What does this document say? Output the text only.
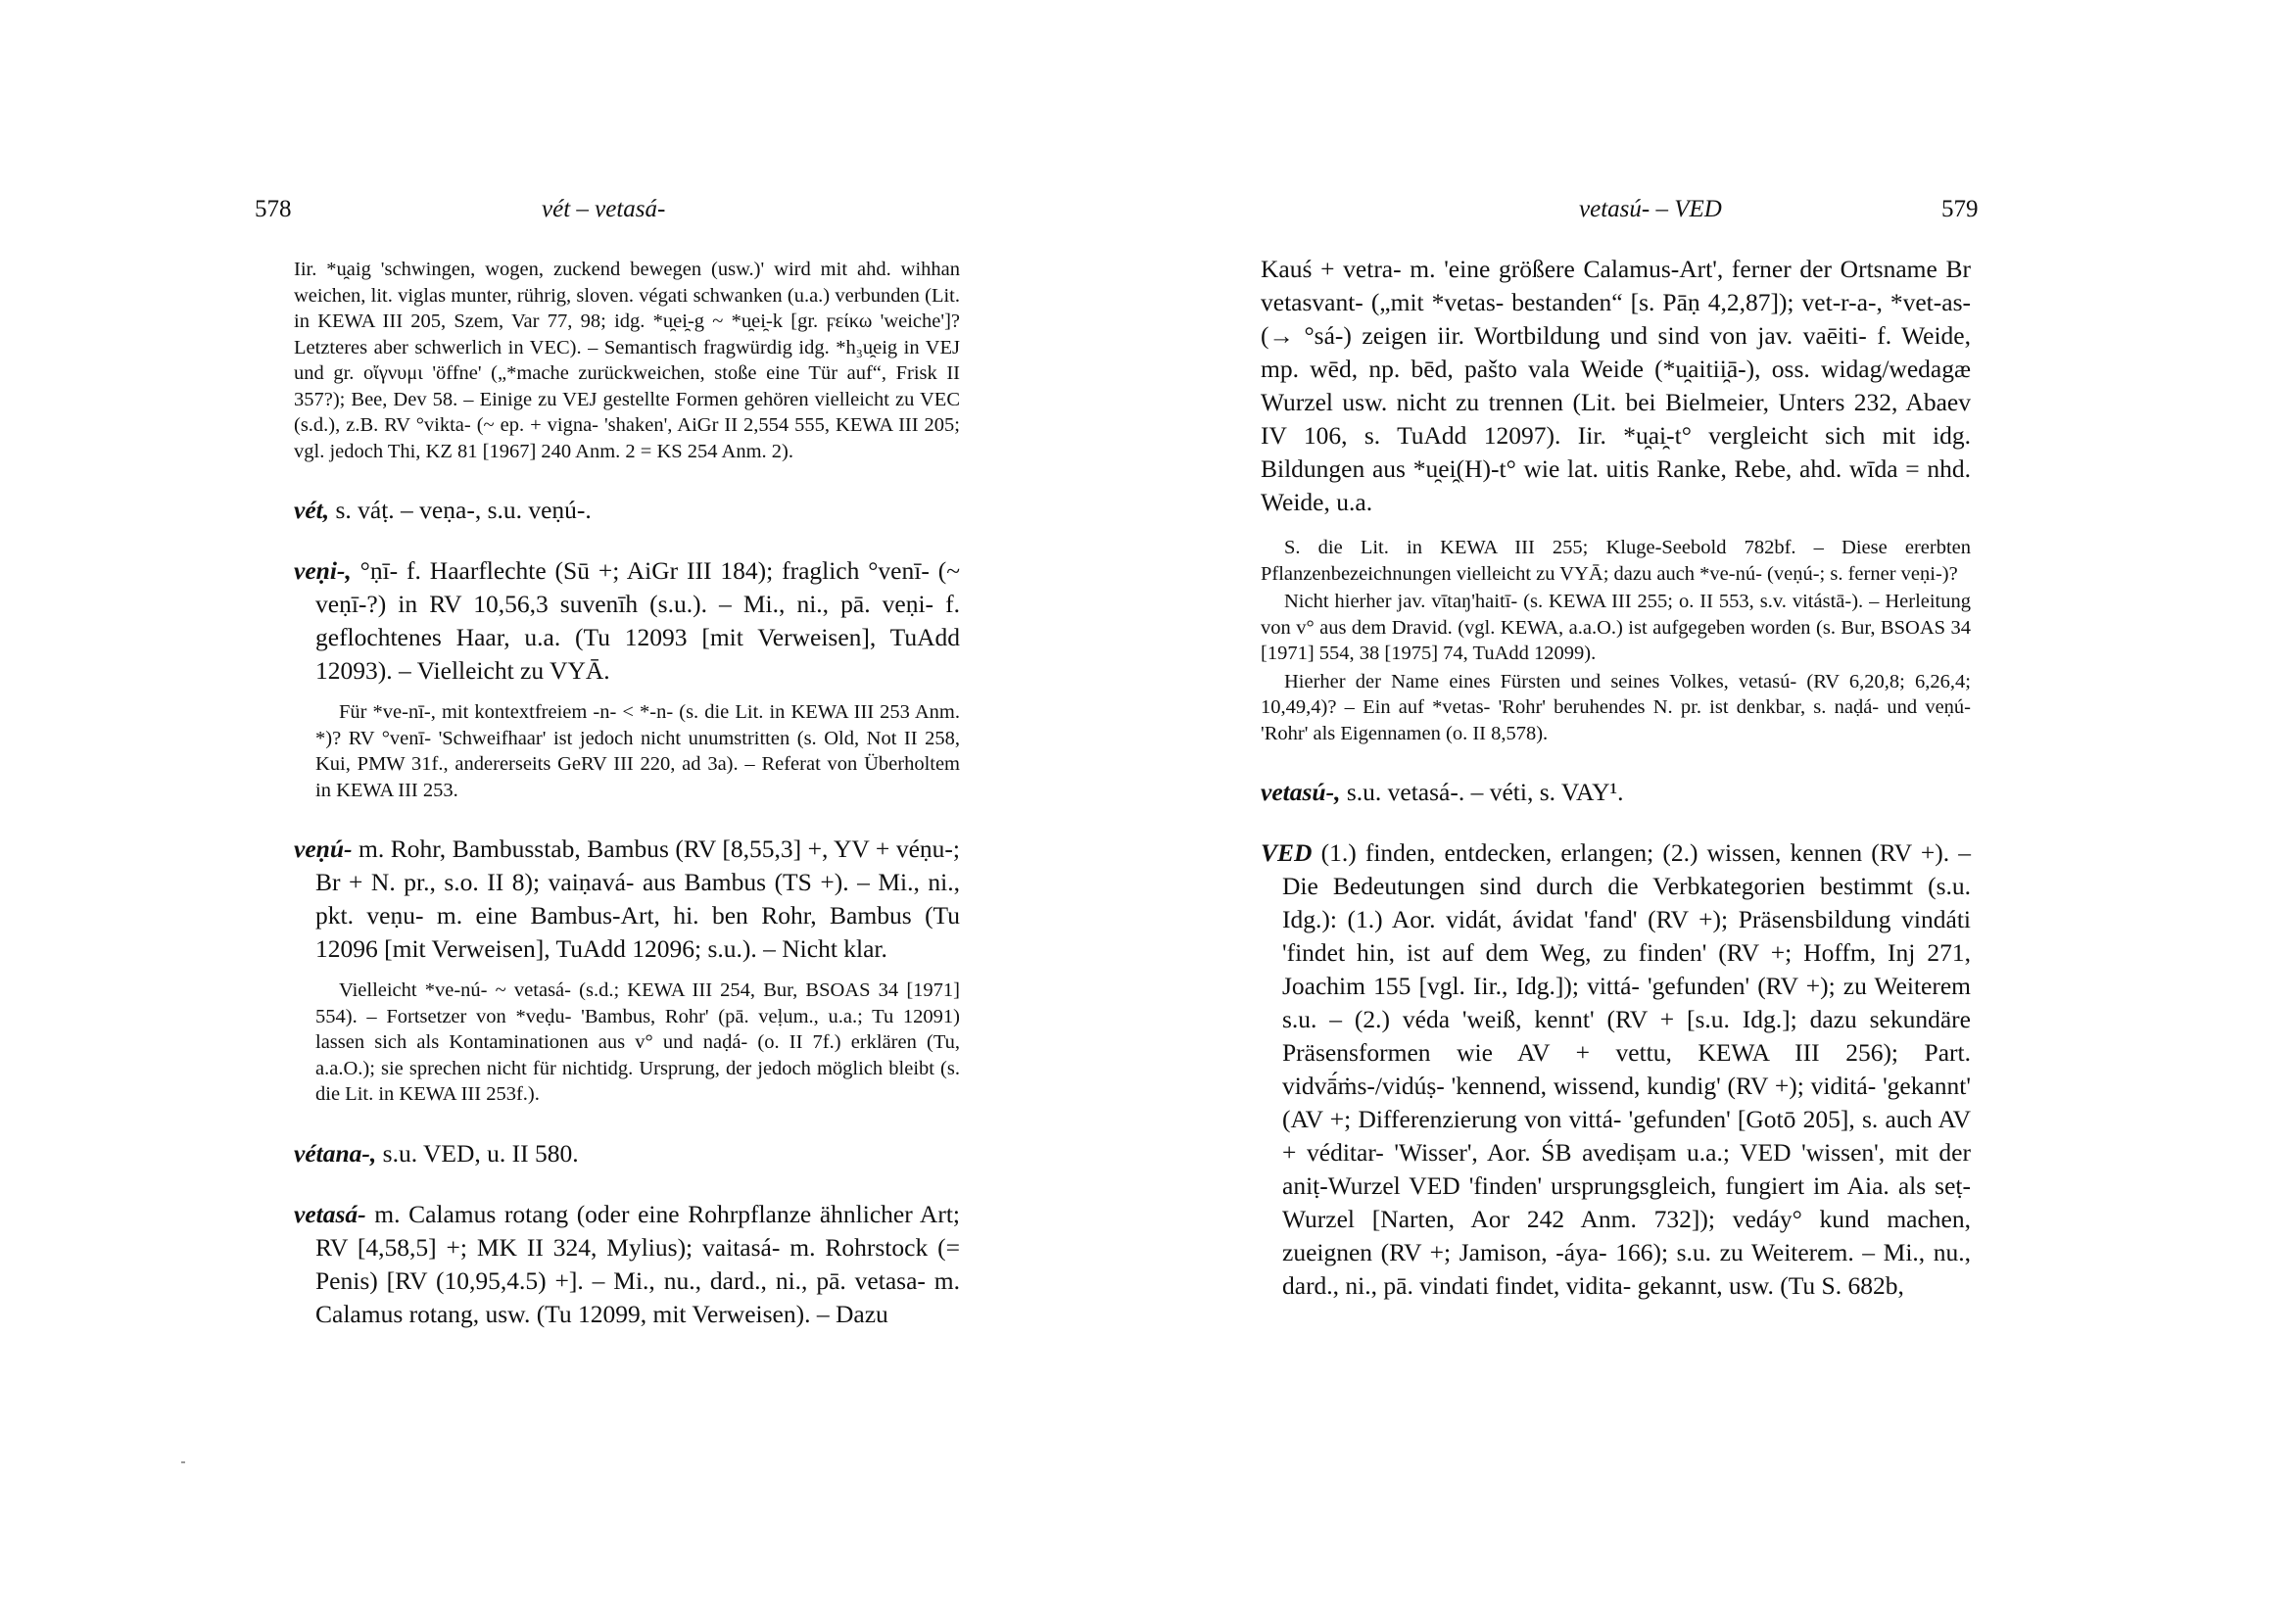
578	vét – vetasá-

Iir. *u̯aig 'schwingen, wogen, zuckend bewegen (usw.)' wird mit ahd. wihhan weichen, lit. viglas munter, rührig, sloven. végati schwanken (u.a.) verbunden (Lit. in KEWA III 205, Szem, Var 77, 98; idg. *u̯ei̯-g ~ *u̯ei̯-k [gr. ϝείκω 'weiche']? Letzteres aber schwerlich in VEC). – Semantisch fragwürdig idg. *h₃u̯eig in VEJ und gr. οἴγνυμι 'öffne' („*mache zurückweichen, stoße eine Tür auf“, Frisk II 357?); Bee, Dev 58. – Einige zu VEJ gestellte Formen gehören vielleicht zu VEC (s.d.), z.B. RV °vikta- (~ ep. + vigna- 'shaken', AiGr II 2,554 555, KEWA III 205; vgl. jedoch Thi, KZ 81 [1967] 240 Anm. 2 = KS 254 Anm. 2).

vét, s. váṭ. – veṇa-, s.u. veṇú-.

veṇi-, °ṇī- f. Haarflechte (Sū +; AiGr III 184); fraglich °venī- (~ veṇī-?) in RV 10,56,3 suvenīh (s.u.). – Mi., ni., pā. veṇi- f. geflochtenes Haar, u.a. (Tu 12093 [mit Verweisen], TuAdd 12093). – Vielleicht zu VYĀ.

Für *ve-nī-, mit kontextfreiem -n- < *-n- (s. die Lit. in KEWA III 253 Anm. *)? RV °venī- 'Schweifhaar' ist jedoch nicht unumstritten (s. Old, Not II 258, Kui, PMW 31f., andererseits GeRV III 220, ad 3a). – Referat von Überholtem in KEWA III 253.

veṇú- m. Rohr, Bambusstab, Bambus (RV [8,55,3] +, YV + véṇu-; Br + N. pr., s.o. II 8); vaiṇavá- aus Bambus (TS +). – Mi., ni., pkt. veṇu- m. eine Bambus-Art, hi. ben Rohr, Bambus (Tu 12096 [mit Verweisen], TuAdd 12096; s.u.). – Nicht klar.

Vielleicht *ve-nú- ~ vetasá- (s.d.; KEWA III 254, Bur, BSOAS 34 [1971] 554). – Fortsetzer von *veḍu- 'Bambus, Rohr' (pā. veḷum., u.a.; Tu 12091) lassen sich als Kontaminationen aus v° und naḍá- (o. II 7f.) erklären (Tu, a.a.O.); sie sprechen nicht für nichtidg. Ursprung, der jedoch möglich bleibt (s. die Lit. in KEWA III 253f.).

vétana-, s.u. VED, u. II 580.

vetasá- m. Calamus rotang (oder eine Rohrpflanze ähnlicher Art; RV [4,58,5] +; MK II 324, Mylius); vaitasá- m. Rohrstock (= Penis) [RV (10,95,4.5) +]. – Mi., nu., dard., ni., pā. vetasa- m. Calamus rotang, usw. (Tu 12099, mit Verweisen). – Dazu

vetasú- – VED	579

Kauś + vetra- m. 'eine größere Calamus-Art', ferner der Ortsname Br vetasvant- („mit *vetas- bestanden“ [s. Pāṇ 4,2,87]); vet-r-a-, *vet-as- (→ °sá-) zeigen iir. Wortbildung und sind von jav. vaēiti- f. Weide, mp. wēd, np. bēd, pašto vala Weide (*u̯aitii̯ā-), oss. widag/wedagæ Wurzel usw. nicht zu trennen (Lit. bei Bielmeier, Unters 232, Abaev IV 106, s. TuAdd 12097). Iir. *u̯ai̯-t° vergleicht sich mit idg. Bildungen aus *u̯ei̯(H)-t° wie lat. uitis Ranke, Rebe, ahd. wīda = nhd. Weide, u.a.

S. die Lit. in KEWA III 255; Kluge-Seebold 782bf. – Diese ererbten Pflanzenbezeichnungen vielleicht zu VYĀ; dazu auch *ve-nú- (veṇú-; s. ferner veṇi-)?

Nicht hierher jav. vītaŋ'haitī- (s. KEWA III 255; o. II 553, s.v. vitástā-). – Herleitung von v° aus dem Dravid. (vgl. KEWA, a.a.O.) ist aufgegeben worden (s. Bur, BSOAS 34 [1971] 554, 38 [1975] 74, TuAdd 12099).

Hierher der Name eines Fürsten und seines Volkes, vetasú- (RV 6,20,8; 6,26,4; 10,49,4)? – Ein auf *vetas- 'Rohr' beruhendes N. pr. ist denkbar, s. naḍá- und veṇú- 'Rohr' als Eigennamen (o. II 8,578).

vetasú-, s.u. vetasá-. – véti, s. VAY¹.

VED (1.) finden, entdecken, erlangen; (2.) wissen, kennen (RV +). – Die Bedeutungen sind durch die Verbkategorien bestimmt (s.u. Idg.): (1.) Aor. vidát, ávidat 'fand' (RV +); Präsensbildung vindáti 'findet hin, ist auf dem Weg, zu finden' (RV +; Hoffm, Inj 271, Joachim 155 [vgl. Iir., Idg.]); vittá- 'gefunden' (RV +); zu Weiterem s.u. – (2.) véda 'weiß, kennt' (RV + [s.u. Idg.]; dazu sekundäre Präsensformen wie AV + vettu, KEWA III 256); Part. vidvā́ṁs-/vidúṣ- 'kennend, wissend, kundig' (RV +); viditá- 'gekannt' (AV +; Differenzierung von vittá- 'gefunden' [Gotō 205], s. auch AV + véditar- 'Wisser', Aor. ŚB avediṣam u.a.; VED 'wissen', mit der aniṭ-Wurzel VED 'finden' ursprungsgleich, fungiert im Aia. als seṭ-Wurzel [Narten, Aor 242 Anm. 732]); vedáy° kund machen, zueignen (RV +; Jamison, -áya- 166); s.u. zu Weiterem. – Mi., nu., dard., ni., pā. vindati findet, vidita- gekannt, usw. (Tu S. 682b,
